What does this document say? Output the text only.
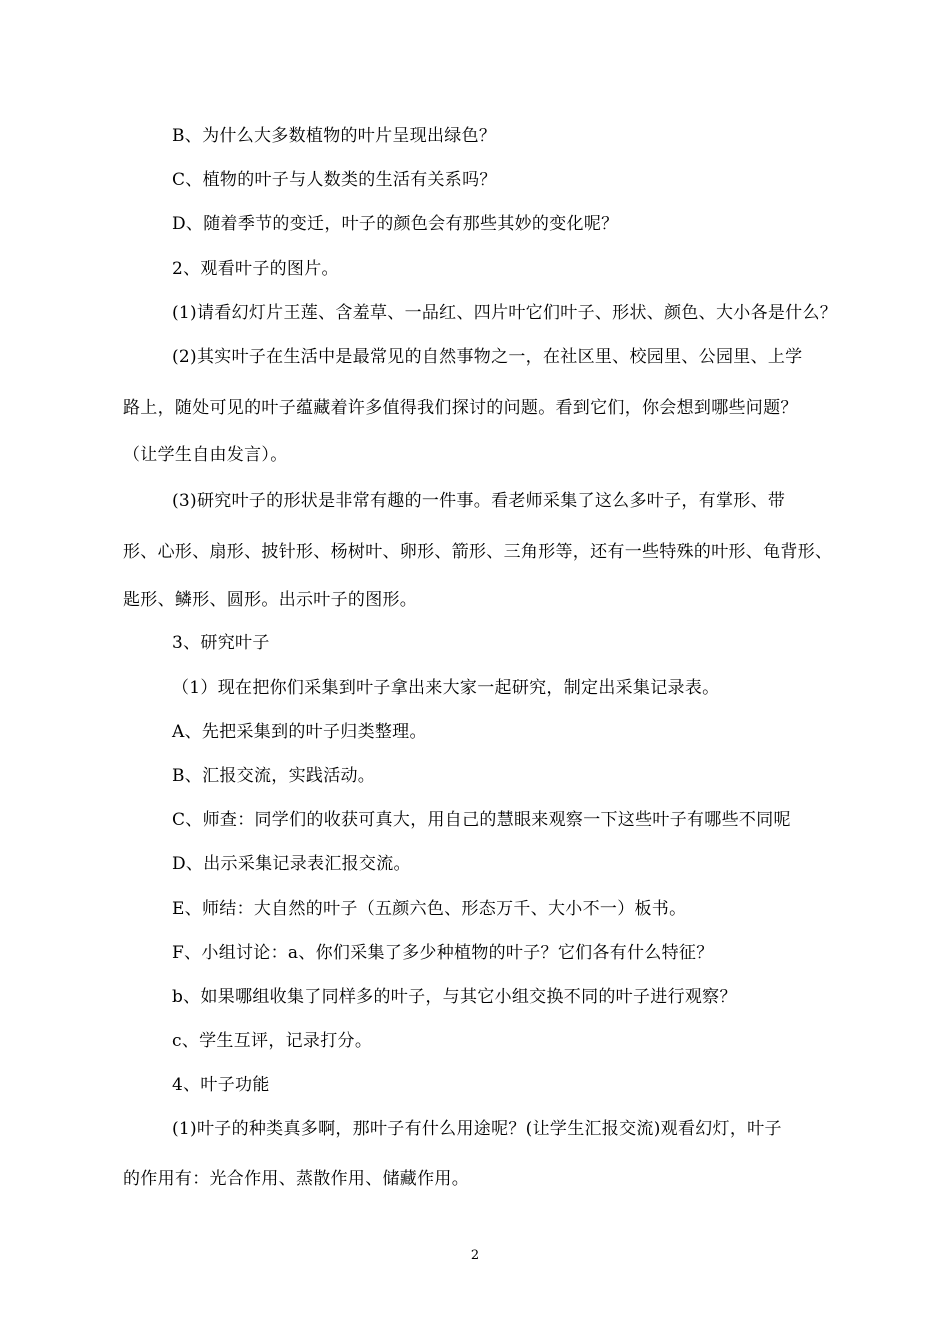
B、为什么大多数植物的叶片呈现出绿色？

C、植物的叶子与人数类的生活有关系吗？

D、随着季节的变迁，叶子的颜色会有那些其妙的变化呢？

2、观看叶子的图片。

(1)请看幻灯片王莲、含羞草、一品红、四片叶它们叶子、形状、颜色、大小各是什么？

(2)其实叶子在生活中是最常见的自然事物之一，在社区里、校园里、公园里、上学

路上，随处可见的叶子蕴藏着许多值得我们探讨的问题。看到它们，你会想到哪些问题？

（让学生自由发言）。

(3)研究叶子的形状是非常有趣的一件事。看老师采集了这么多叶子，有掌形、带

形、心形、扇形、披针形、杨树叶、卵形、箭形、三角形等，还有一些特殊的叶形、龟背形、

匙形、鳞形、圆形。出示叶子的图形。

3、研究叶子

（1）现在把你们采集到叶子拿出来大家一起研究，制定出采集记录表。

A、先把采集到的叶子归类整理。

B、汇报交流，实践活动。

C、师查：同学们的收获可真大，用自己的慧眼来观察一下这些叶子有哪些不同呢

D、出示采集记录表汇报交流。

E、师结：大自然的叶子（五颜六色、形态万千、大小不一）板书。

F、小组讨论：a、你们采集了多少种植物的叶子？它们各有什么特征？

b、如果哪组收集了同样多的叶子，与其它小组交换不同的叶子进行观察？

c、学生互评，记录打分。

4、叶子功能

(1)叶子的种类真多啊，那叶子有什么用途呢？(让学生汇报交流)观看幻灯，叶子

的作用有：光合作用、蒸散作用、储藏作用。

2
